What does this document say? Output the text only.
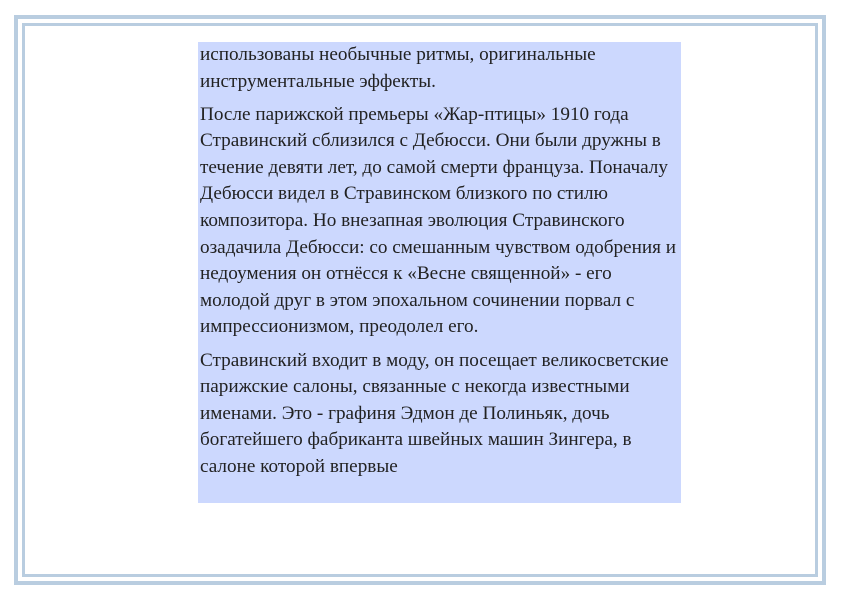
использованы необычные ритмы, оригинальные инструментальные эффекты.

После парижской премьеры «Жар-птицы» 1910 года Стравинский сблизился с Дебюсси. Они были дружны в течение девяти лет, до самой смерти француза. Поначалу Дебюсси видел в Стравинском близкого по стилю композитора. Но внезапная эволюция Стравинского озадачила Дебюсси: со смешанным чувством одобрения и недоумения он отнёсся к «Весне священной» - его молодой друг в этом эпохальном сочинении порвал с импрессионизмом, преодолел его.

Стравинский входит в моду, он посещает великосветские парижские салоны, связанные с некогда известными именами. Это - графиня Эдмон де Полиньяк, дочь богатейшего фабриканта швейных машин Зингера, в салоне которой впервые
